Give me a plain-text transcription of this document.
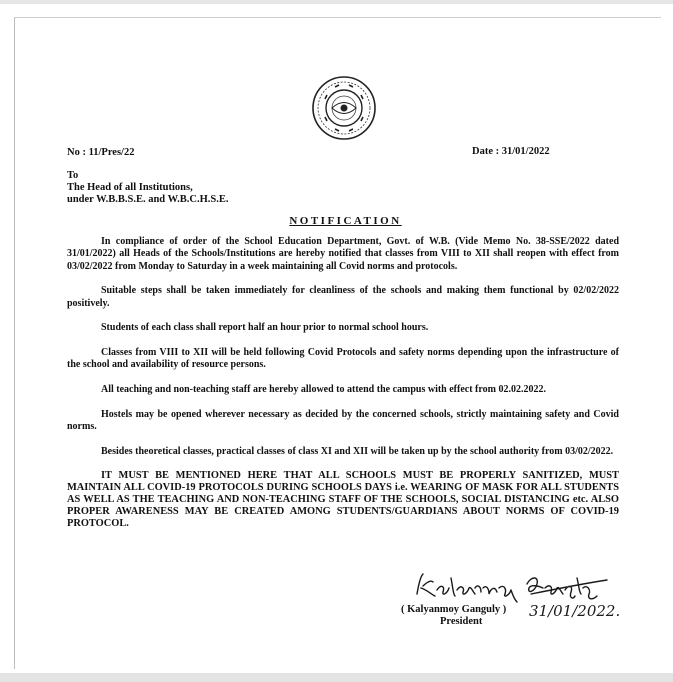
No : 11/Pres/22	Date : 31/01/2022
To
The Head of all Institutions,
under W.B.B.S.E. and W.B.C.H.S.E.
NOTIFICATION

In compliance of order of the School Education Department, Govt. of W.B. (Vide Memo No. 38-SSE/2022 dated 31/01/2022) all Heads of the Schools/Institutions are hereby notified that classes from VIII to XII shall reopen with effect from 03/02/2022 from Monday to Saturday in a week maintaining all Covid norms and protocols.

Suitable steps shall be taken immediately for cleanliness of the schools and making them functional by 02/02/2022 positively.

Students of each class shall report half an hour prior to normal school hours.

Classes from VIII to XII will be held following Covid Protocols and safety norms depending upon the infrastructure of the school and availability of resource persons.

All teaching and non-teaching staff are hereby allowed to attend the campus with effect from 02.02.2022.

Hostels may be opened wherever necessary as decided by the concerned schools, strictly maintaining safety and Covid norms.

Besides theoretical classes, practical classes of class XI and XII will be taken up by the school authority from 03/02/2022.

IT MUST BE MENTIONED HERE THAT ALL SCHOOLS MUST BE PROPERLY SANITIZED, MUST MAINTAIN ALL COVID-19 PROTOCOLS DURING SCHOOLS DAYS i.e. WEARING OF MASK FOR ALL STUDENTS AS WELL AS THE TEACHING AND NON-TEACHING STAFF OF THE SCHOOLS, SOCIAL DISTANCING etc. ALSO PROPER AWARENESS MAY BE CREATED AMONG STUDENTS/GUARDIANS ABOUT NORMS OF COVID-19 PROTOCOL.

31/01/2022.
( Kalyanmoy Ganguly )
President
